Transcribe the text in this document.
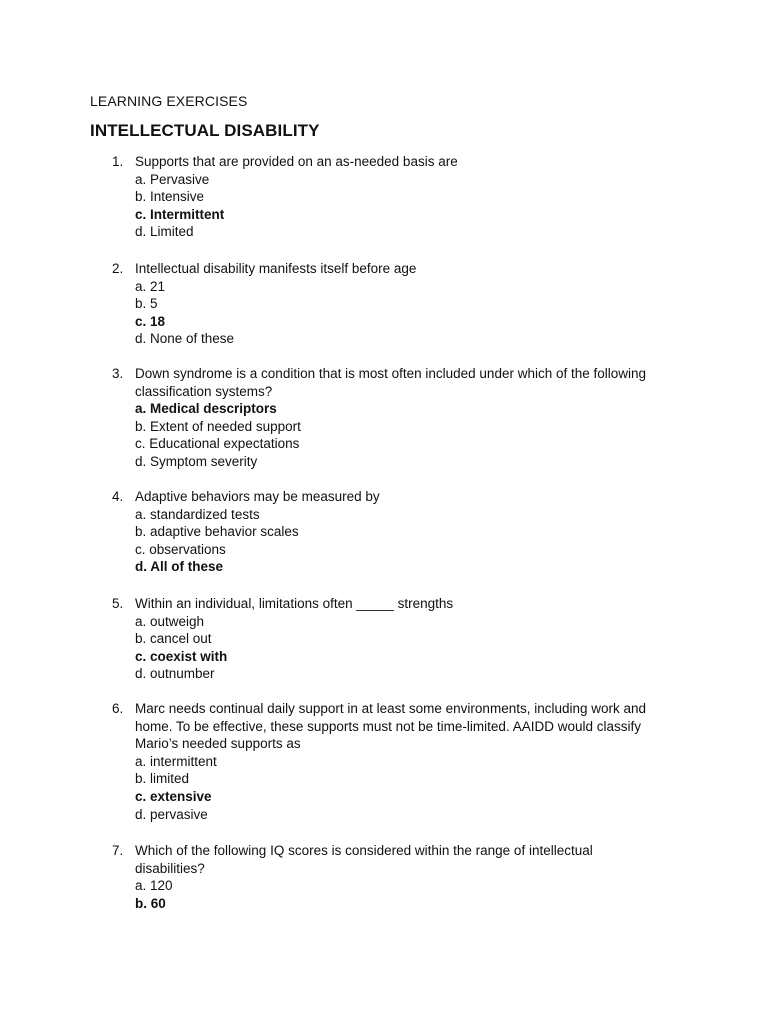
LEARNING EXERCISES
INTELLECTUAL DISABILITY
1. Supports that are provided on an as-needed basis are
a. Pervasive
b. Intensive
c. Intermittent
d. Limited
2. Intellectual disability manifests itself before age
a. 21
b. 5
c. 18
d. None of these
3. Down syndrome is a condition that is most often included under which of the following
classification systems?
a. Medical descriptors
b. Extent of needed support
c. Educational expectations
d. Symptom severity
4. Adaptive behaviors may be measured by
a. standardized tests
b. adaptive behavior scales
c. observations
d. All of these
5. Within an individual, limitations often _____ strengths
a. outweigh
b. cancel out
c. coexist with
d. outnumber
6. Marc needs continual daily support in at least some environments, including work and
home. To be effective, these supports must not be time-limited. AAIDD would classify
Mario’s needed supports as
a. intermittent
b. limited
c. extensive
d. pervasive
7. Which of the following IQ scores is considered within the range of intellectual
disabilities?
a. 120
b. 60
